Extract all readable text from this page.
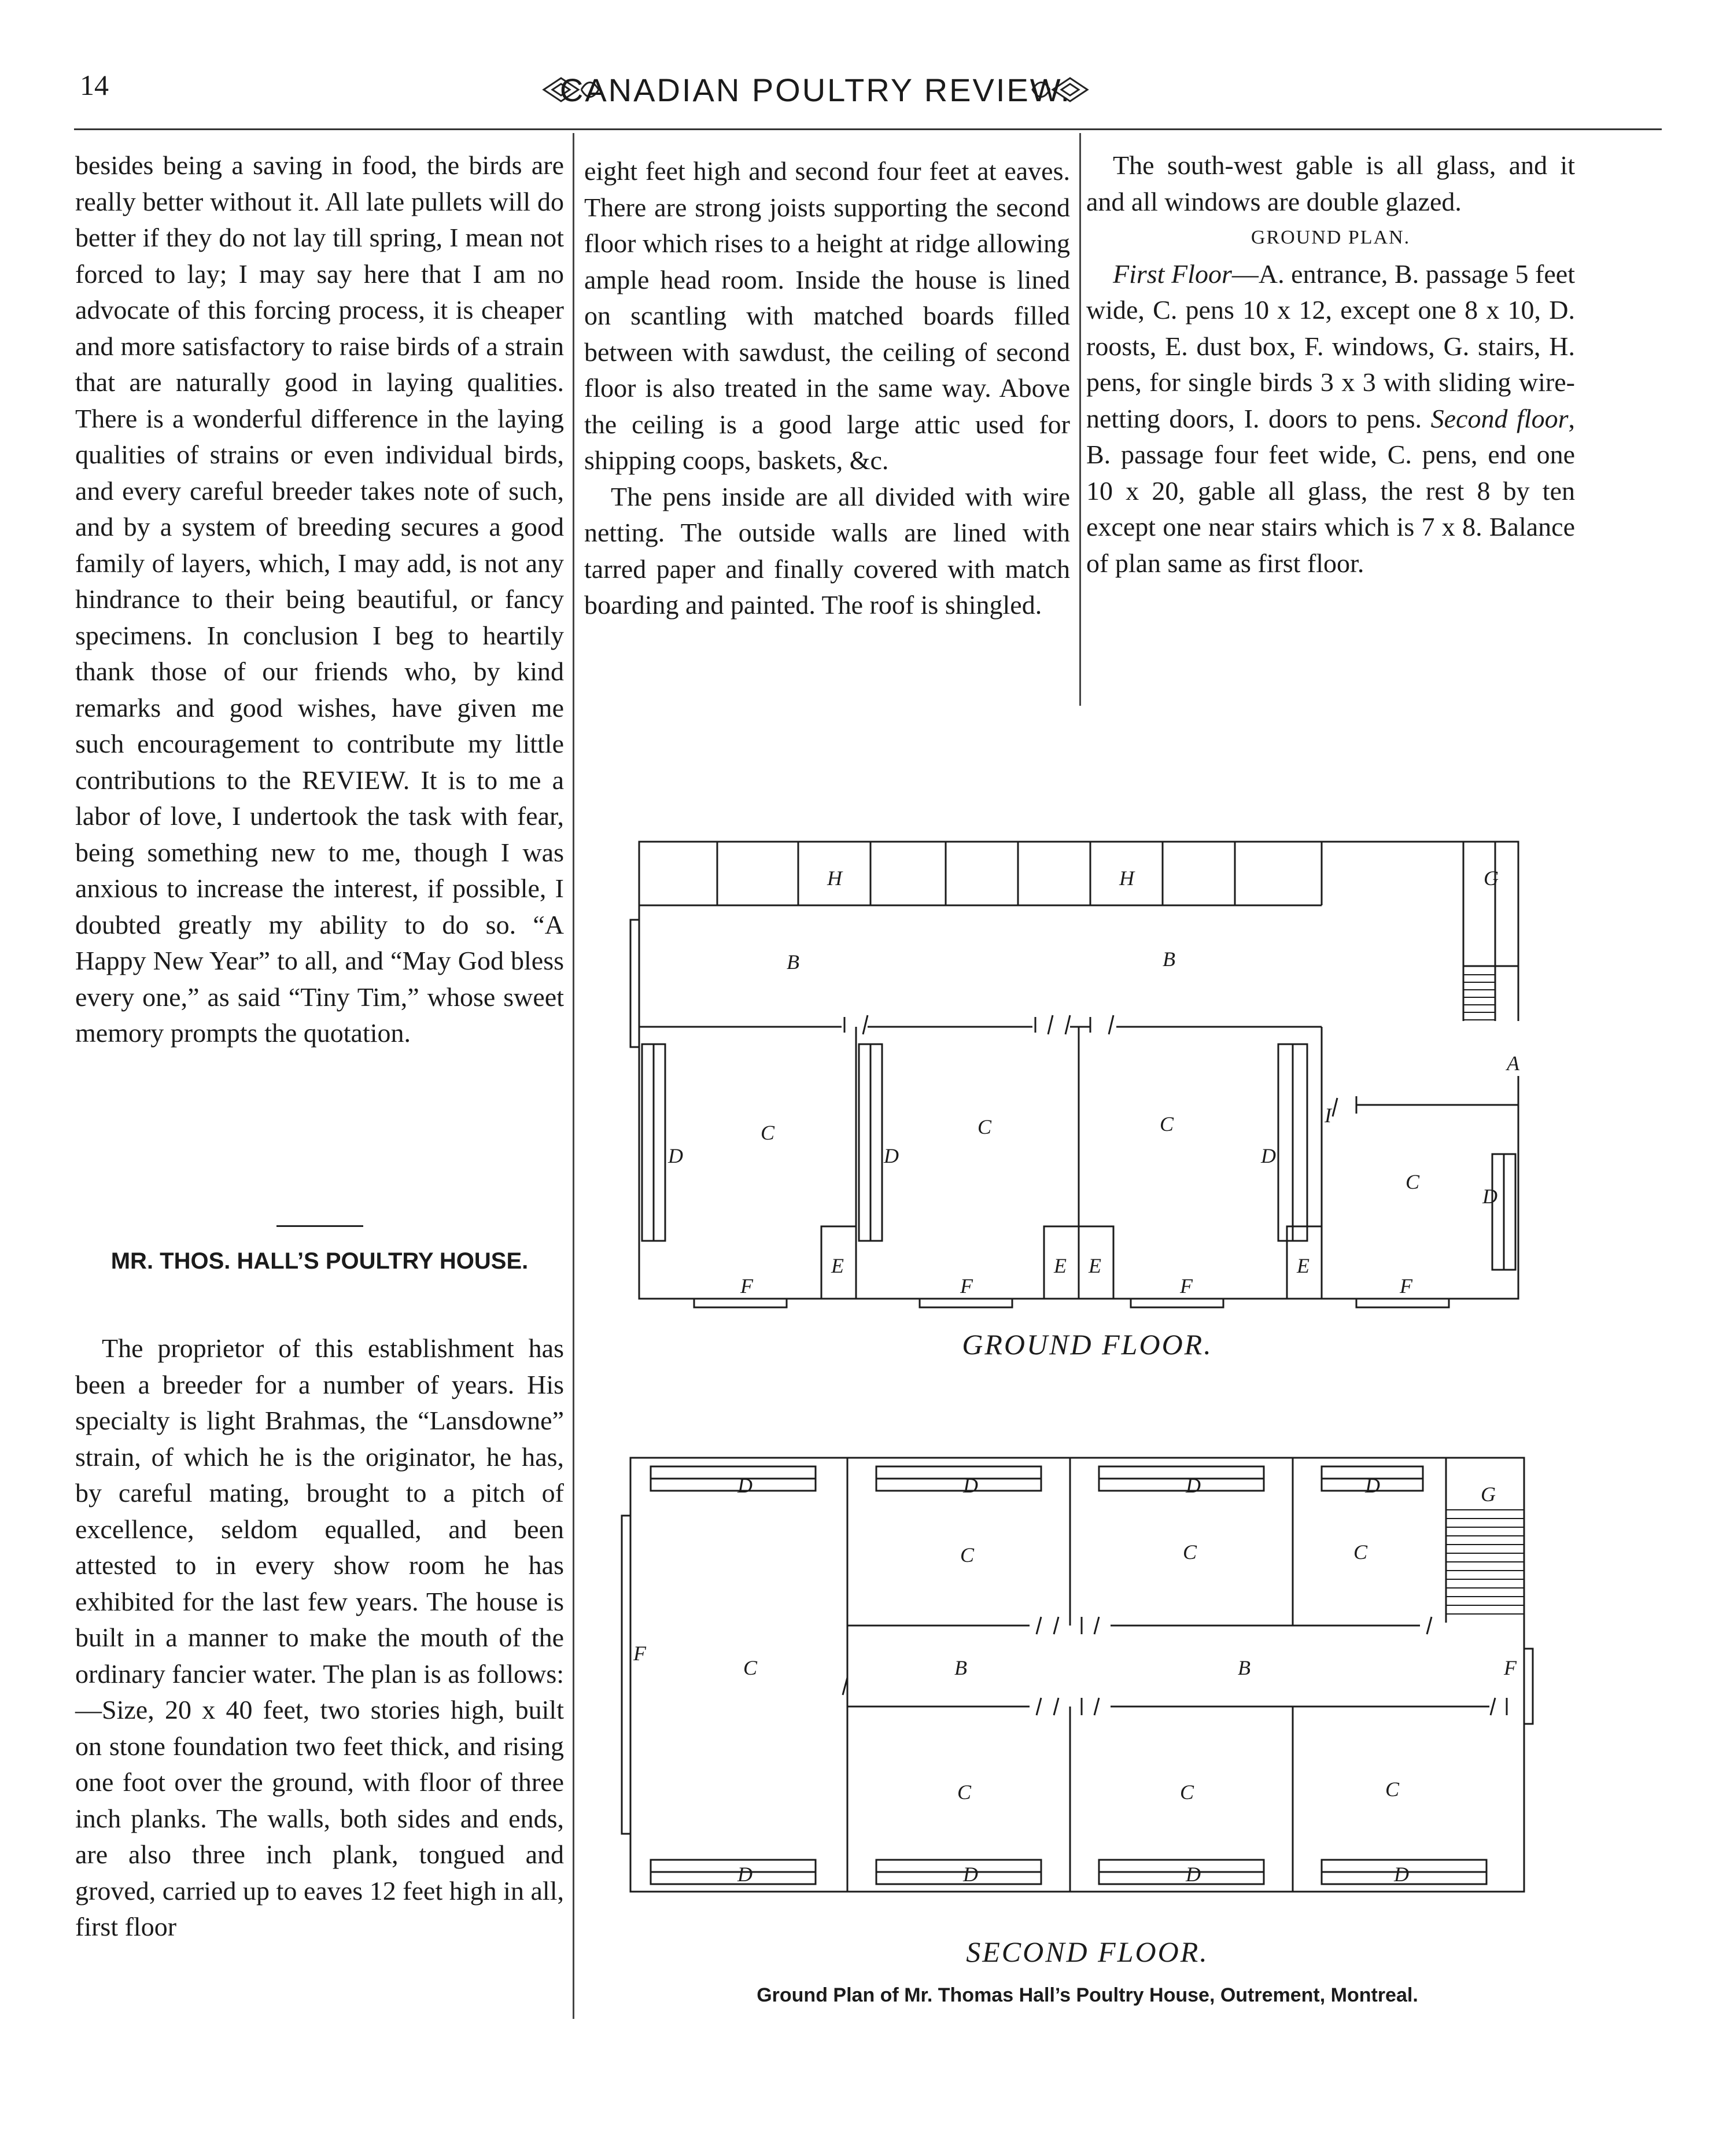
14	CANADIAN POULTRY REVIEW.

besides being a saving in food, the birds are really better without it. All late pullets will do better if they do not lay till spring, I mean not forced to lay; I may say here that I am no advocate of this forcing process, it is cheaper and more satisfactory to raise birds of a strain that are naturally good in laying qualities. There is a wonderful difference in the laying qualities of strains or even individual birds, and every careful breeder takes note of such, and by a system of breeding secures a good family of layers, which, I may add, is not any hindrance to their being beautiful, or fancy specimens. In conclusion I beg to heartily thank those of our friends who, by kind remarks and good wishes, have given me such encouragement to contribute my little contributions to the REVIEW. It is to me a labor of love, I undertook the task with fear, being something new to me, though I was anxious to increase the interest, if possible, I doubted greatly my ability to do so. “A Happy New Year” to all, and “May God bless every one,” as said “Tiny Tim,” whose sweet memory prompts the quotation.

MR. THOS. HALL’S POULTRY HOUSE.

The proprietor of this establishment has been a breeder for a number of years. His specialty is light Brahmas, the “Lansdowne” strain, of which he is the originator, he has, by careful mating, brought to a pitch of excellence, seldom equalled, and been attested to in every show room he has exhibited for the last few years. The house is built in a manner to make the mouth of the ordinary fancier water. The plan is as follows:—Size, 20 x 40 feet, two stories high, built on stone foundation two feet thick, and rising one foot over the ground, with floor of three inch planks. The walls, both sides and ends, are also three inch plank, tongued and groved, carried up to eaves 12 feet high in all, first floor

eight feet high and second four feet at eaves. There are strong joists supporting the second floor which rises to a height at ridge allowing ample head room. Inside the house is lined on scantling with matched boards filled between with sawdust, the ceiling of second floor is also treated in the same way. Above the ceiling is a good large attic used for shipping coops, baskets, &c.

The pens inside are all divided with wire netting. The outside walls are lined with tarred paper and finally covered with match boarding and painted. The roof is shingled.

The south-west gable is all glass, and it and all windows are double glazed.

GROUND PLAN.

First Floor—A. entrance, B. passage 5 feet wide, C. pens 10 x 12, except one 8 x 10, D. roosts, E. dust box, F. windows, G. stairs, H. pens, for single birds 3 x 3 with sliding wire-netting doors, I. doors to pens. Second floor, B. passage four feet wide, C. pens, end one 10 x 20, gable all glass, the rest 8 by ten except one near stairs which is 7 x 8. Balance of plan same as first floor.

H	H	G
B	B
A
C	C	C
C
D	D	D
D
E	E E	E
F	F	F	F
I
G
D	D	D	D
C	C	C
C	B	B
F
F
C	C	C
D	D	D	D
GROUND FLOOR.
SECOND FLOOR.
Ground Plan of Mr. Thomas Hall’s Poultry House, Outrement, Montreal.
